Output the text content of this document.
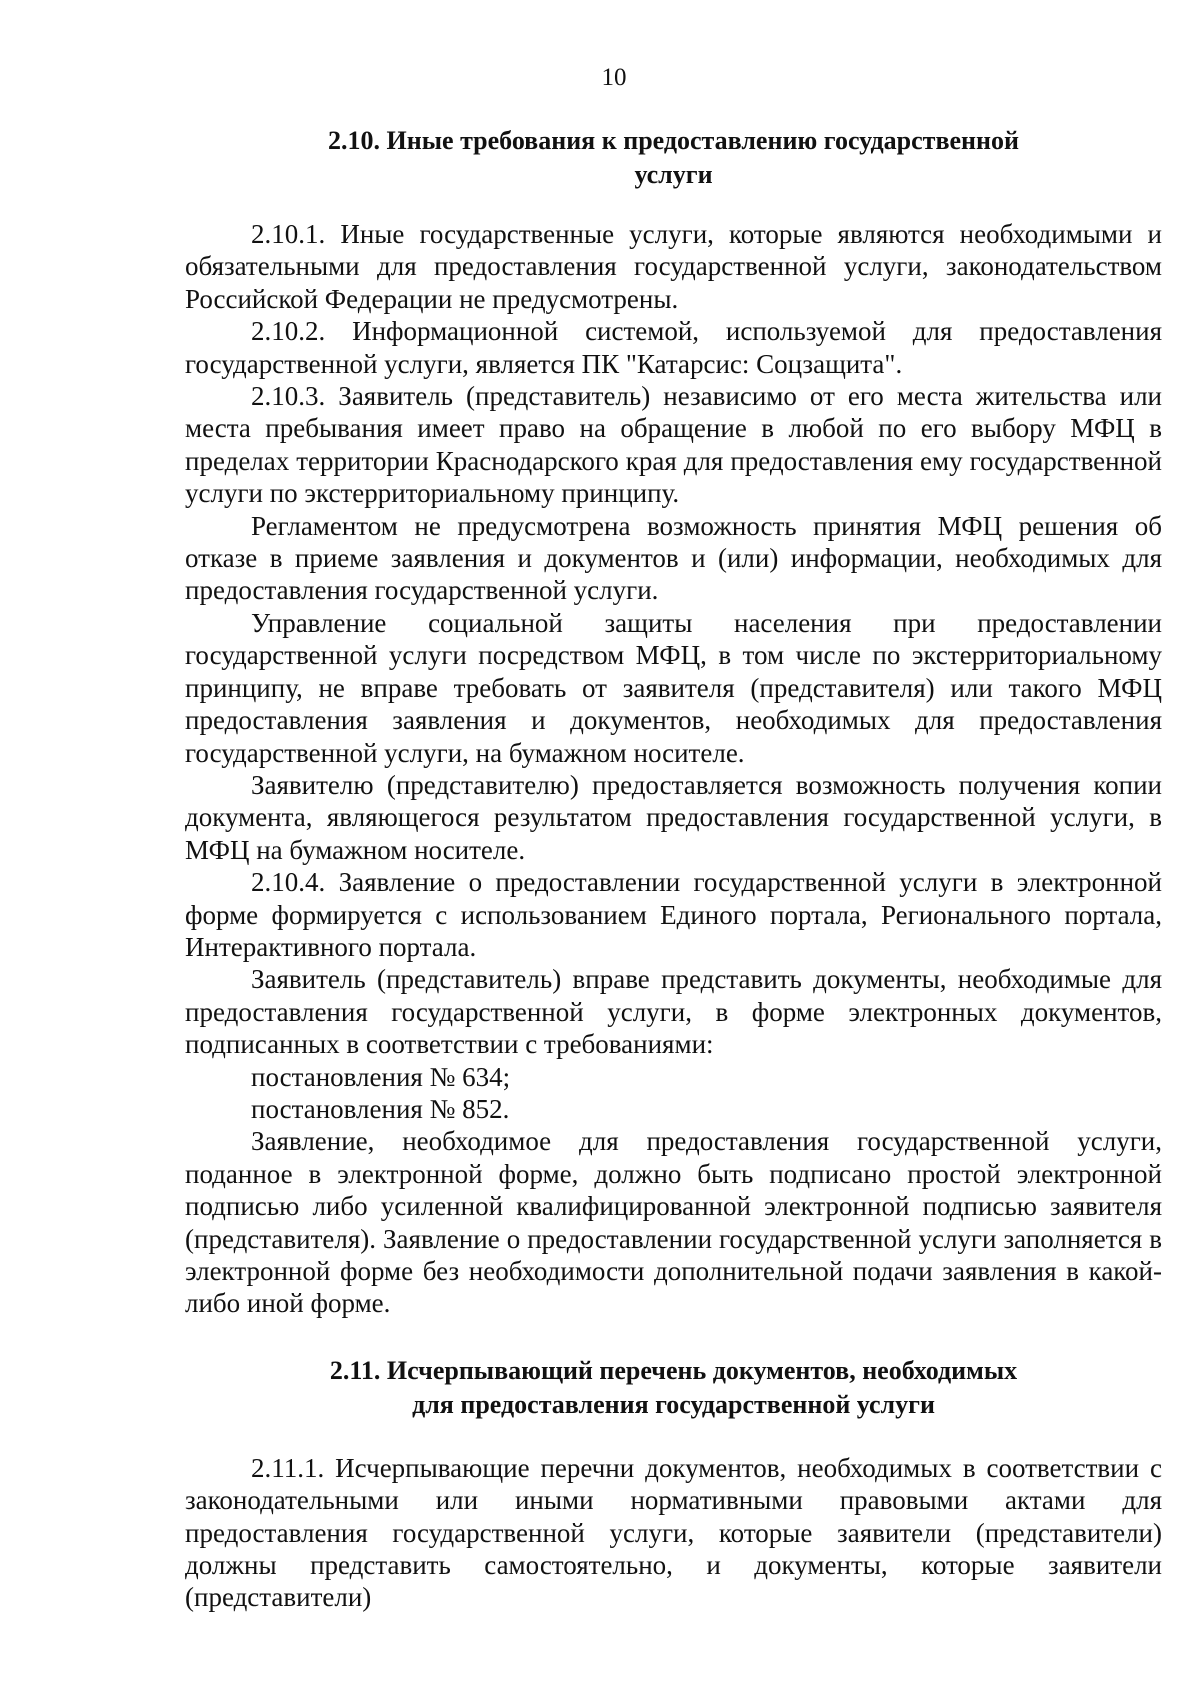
10
2.10. Иные требования к предоставлению государственной
услуги

2.10.1. Иные государственные услуги, которые являются необходимыми и обязательными для предоставления государственной услуги, законодательством Российской Федерации не предусмотрены.

2.10.2. Информационной системой, используемой для предоставления государственной услуги, является ПК "Катарсис: Соцзащита".

2.10.3. Заявитель (представитель) независимо от его места жительства или места пребывания имеет право на обращение в любой по его выбору МФЦ в пределах территории Краснодарского края для предоставления ему государственной услуги по экстерриториальному принципу.

Регламентом не предусмотрена возможность принятия МФЦ решения об отказе в приеме заявления и документов и (или) информации, необходимых для предоставления государственной услуги.

Управление социальной защиты населения при предоставлении государственной услуги посредством МФЦ, в том числе по экстерриториальному принципу, не вправе требовать от заявителя (представителя) или такого МФЦ предоставления заявления и документов, необходимых для предоставления государственной услуги, на бумажном носителе.

Заявителю (представителю) предоставляется возможность получения копии документа, являющегося результатом предоставления государственной услуги, в МФЦ на бумажном носителе.

2.10.4. Заявление о предоставлении государственной услуги в электронной форме формируется с использованием Единого портала, Регионального портала, Интерактивного портала.

Заявитель (представитель) вправе представить документы, необходимые для предоставления государственной услуги, в форме электронных документов, подписанных в соответствии с требованиями:

постановления № 634;

постановления № 852.

Заявление, необходимое для предоставления государственной услуги, поданное в электронной форме, должно быть подписано простой электронной подписью либо усиленной квалифицированной электронной подписью заявителя (представителя). Заявление о предоставлении государственной услуги заполняется в электронной форме без необходимости дополнительной подачи заявления в какой-либо иной форме.

2.11. Исчерпывающий перечень документов, необходимых
для предоставления государственной услуги

2.11.1. Исчерпывающие перечни документов, необходимых в соответствии с законодательными или иными нормативными правовыми актами для предоставления государственной услуги, которые заявители (представители) должны представить самостоятельно, и документы, которые заявители (представители)
